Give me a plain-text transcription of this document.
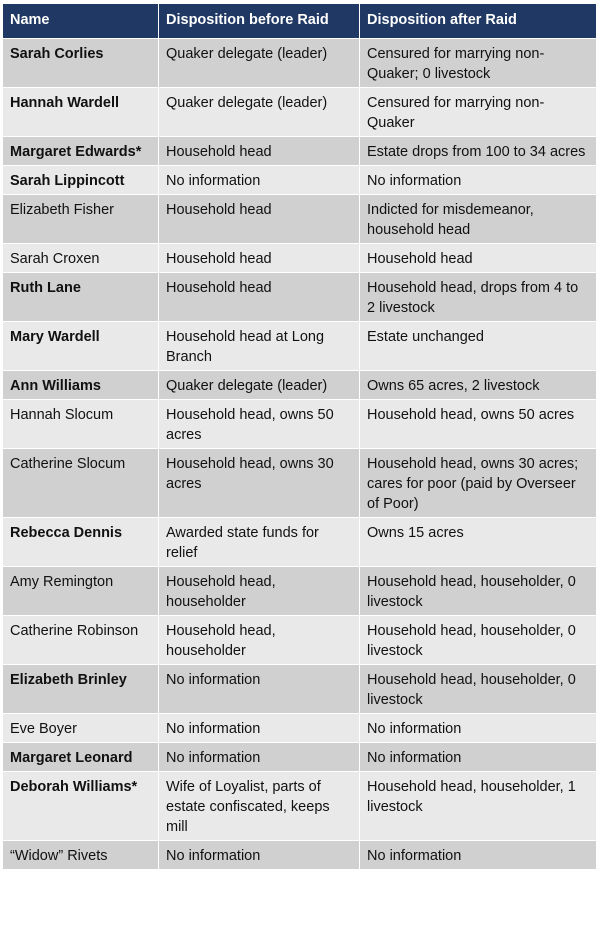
Name	Disposition before Raid	Disposition after Raid
Sarah Corlies	Quaker delegate (leader)	Censured for marrying non-Quaker; 0 livestock
Hannah Wardell	Quaker delegate (leader)	Censured for marrying non-Quaker
Margaret Edwards*	Household head	Estate drops from 100 to 34 acres
Sarah Lippincott	No information	No information
Elizabeth Fisher	Household head	Indicted for misdemeanor, household head
Sarah Croxen	Household head	Household head
Ruth Lane	Household head	Household head, drops from 4 to 2 livestock
Mary Wardell	Household head at Long Branch	Estate unchanged
Ann Williams	Quaker delegate (leader)	Owns 65 acres, 2 livestock
Hannah Slocum	Household head, owns 50 acres	Household head, owns 50 acres
Catherine Slocum	Household head, owns 30 acres	Household head, owns 30 acres; cares for poor (paid by Overseer of Poor)
Rebecca Dennis	Awarded state funds for relief	Owns 15 acres
Amy Remington	Household head, householder	Household head, householder, 0 livestock
Catherine Robinson	Household head, householder	Household head, householder, 0 livestock
Elizabeth Brinley	No information	Household head, householder, 0 livestock
Eve Boyer	No information	No information
Margaret Leonard	No information	No information
Deborah Williams*	Wife of Loyalist, parts of estate confiscated, keeps mill	Household head, householder, 1 livestock
“Widow” Rivets	No information	No information
